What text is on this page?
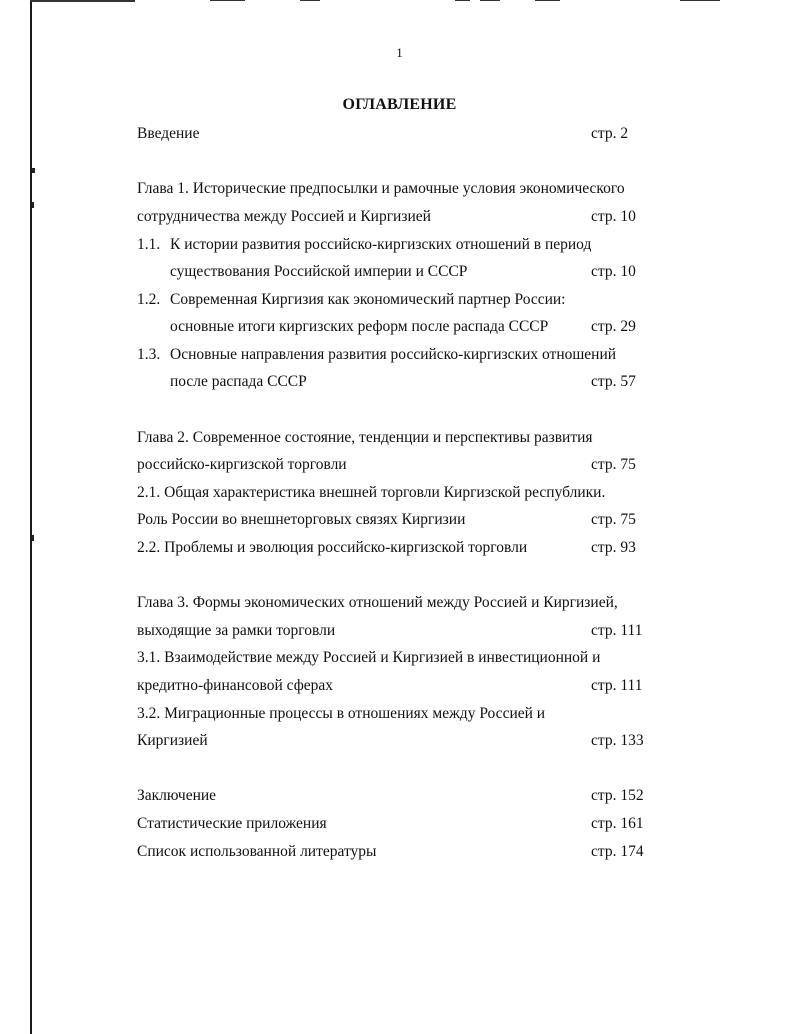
1
ОГЛАВЛЕНИЕ
Введение	стр. 2
Глава 1. Исторические предпосылки и рамочные условия экономического
сотрудничества между Россией и Киргизией	стр. 10
1.1. К истории развития российско-киргизских отношений в период
существования Российской империи и СССР	стр. 10
1.2. Современная Киргизия как экономический партнер России:
основные итоги киргизских реформ после распада СССР	стр. 29
1.3. Основные направления развития российско-киргизских отношений
после распада СССР	стр. 57
Глава 2. Современное состояние, тенденции и перспективы развития
российско-киргизской торговли	стр. 75
2.1. Общая характеристика внешней торговли Киргизской республики.
Роль России во внешнеторговых связях Киргизии	стр. 75
2.2. Проблемы и эволюция российско-киргизской торговли	стр. 93
Глава 3. Формы экономических отношений между Россией и Киргизией,
выходящие за рамки торговли	стр. 111
3.1. Взаимодействие между Россией и Киргизией в инвестиционной и
кредитно-финансовой сферах	стр. 111
3.2. Миграционные процессы в отношениях между Россией и
Киргизией	стр. 133
Заключение	стр. 152
Статистические приложения	стр. 161
Список использованной литературы	стр. 174
